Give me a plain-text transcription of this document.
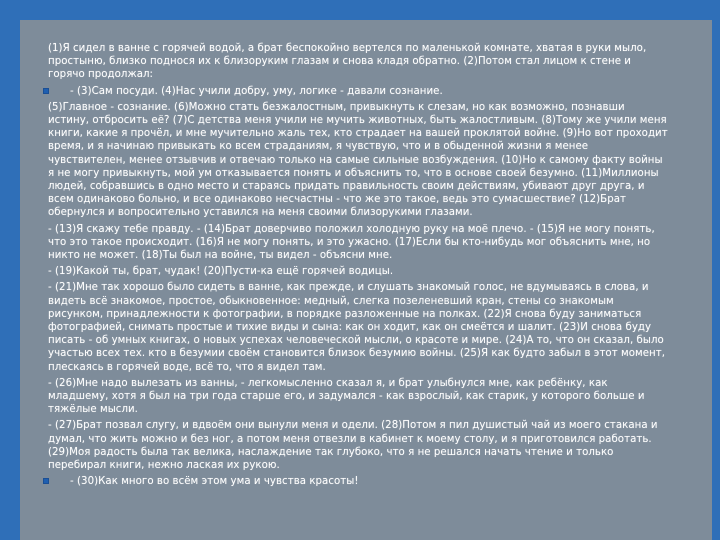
(1)Я сидел в ванне с горячей водой, а брат беспокойно вертелся по маленькой комнате, хватая в руки мыло, простыню, близко поднося их к близоруким глазам и снова кладя обратно. (2)Потом стал лицом к стене и горячо продолжал:

- (3)Сам посуди. (4)Нас учили добру, уму, логике - давали сознание.

(5)Главное - сознание. (6)Можно стать безжалостным, привыкнуть к слезам, но как возможно, познавши истину, отбросить её? (7)С детства меня учили не мучить животных, быть жалостливым. (8)Тому же учили меня книги, какие я прочёл, и мне мучительно жаль тех, кто страдает на вашей проклятой войне. (9)Но вот проходит время, и я начинаю привыкать ко всем страданиям, я чувствую, что и в обыденной жизни я менее чувствителен, менее отзывчив и отвечаю только на самые сильные возбуждения. (10)Но к самому факту войны я не могу привыкнуть, мой ум отказывается понять и объяснить то, что в основе своей безумно. (11)Миллионы людей, собравшись в одно место и стараясь придать правильность своим действиям, убивают друг друга, и всем одинаково больно, и все одинаково несчастны - что же это такое, ведь это сумасшествие? (12)Брат обернулся и вопросительно уставился на меня своими близорукими глазами.

- (13)Я скажу тебе правду. - (14)Брат доверчиво положил холодную руку на моё плечо. - (15)Я не могу понять, что это такое происходит. (16)Я не могу понять, и это ужасно. (17)Если бы кто-нибудь мог объяснить мне, но никто не может. (18)Ты был на войне, ты видел - объясни мне.

- (19)Какой ты, брат, чудак! (20)Пусти-ка ещё горячей водицы.

- (21)Мне так хорошо было сидеть в ванне, как прежде, и слушать знакомый голос, не вдумываясь в слова, и видеть всё знакомое, простое, обыкновенное: медный, слегка позеленевший кран, стены со знакомым рисунком, принадлежности к фотографии, в порядке разложенные на полках. (22)Я снова буду заниматься фотографией, снимать простые и тихие виды и сына: как он ходит, как он смеётся и шалит. (23)И снова буду писать - об умных книгах, о новых успехах человеческой мысли, о красоте и мире. (24)А то, что он сказал, было участью всех тех. кто в безумии своём становится близок безумию войны. (25)Я как будто забыл в этот момент, плескаясь в горячей воде, всё то, что я видел там.

- (26)Мне надо вылезать из ванны, - легкомысленно сказал я, и брат улыбнулся мне, как ребёнку, как младшему, хотя я был на три года старше его, и задумался - как взрослый, как старик, у которого больше и тяжёлые мысли.

- (27)Брат позвал слугу, и вдвоём они вынули меня и одели. (28)Потом я пил душистый чай из моего стакана и думал, что жить можно и без ног, а потом меня отвезли в кабинет к моему столу, и я приготовился работать. (29)Моя радость была так велика, наслаждение так глубоко, что я не решался начать чтение и только перебирал книги, нежно лаская их рукою.

- (30)Как много во всём этом ума и чувства красоты!
